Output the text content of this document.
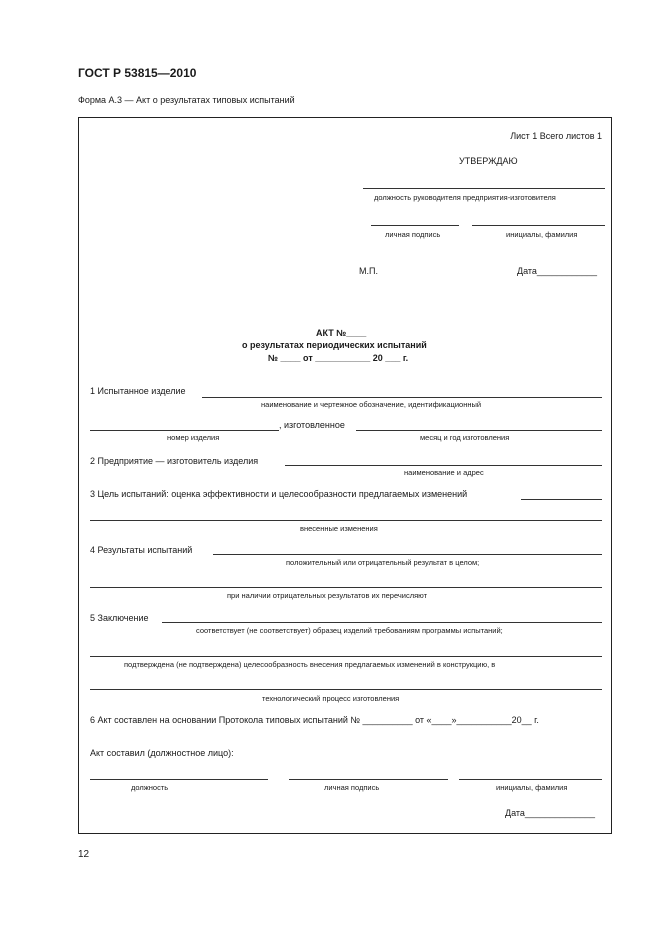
ГОСТ Р 53815—2010
Форма А.3 — Акт о результатах типовых испытаний
Лист 1 Всего листов 1
УТВЕРЖДАЮ
должность руководителя предприятия-изготовителя
личная подпись	инициалы, фамилия
М.П.	Дата____________
АКТ №____
о результатах периодических испытаний
№ ____ от ___________ 20 ___ г.
1 Испытанное изделие
наименование и чертежное обозначение, идентификационный
, изготовленное
номер изделия	месяц и год изготовления
2 Предприятие — изготовитель изделия
наименование и адрес
3 Цель испытаний: оценка эффективности и целесообразности предлагаемых изменений
внесенные изменения
4 Результаты испытаний
положительный или отрицательный результат в целом;
при наличии отрицательных результатов их перечисляют
5 Заключение
соответствует (не соответствует) образец изделий требованиям программы испытаний;
подтверждена (не подтверждена) целесообразность внесения предлагаемых изменений в конструкцию, в
технологический процесс изготовления
6 Акт составлен на основании Протокола типовых испытаний № __________ от «____»___________20__ г.
Акт составил (должностное лицо):
должность	личная подпись	инициалы, фамилия
Дата______________
12
